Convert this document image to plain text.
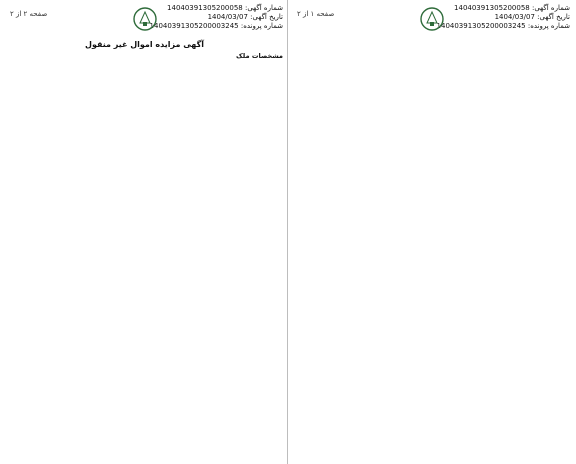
شماره آگهی: 14040391305200058
تاریخ آگهی: 1404/03/07
شماره پرونده: 14040391305200003245
صفحه ۱ از ۲
شماره آگهی: 14040391305200058
تاریخ آگهی: 1404/03/07
شماره پرونده: 14040391305200003245
صفحه ۲ از ۲
آگهی مزایده اموال غیر منقول
مشخصات ملک
